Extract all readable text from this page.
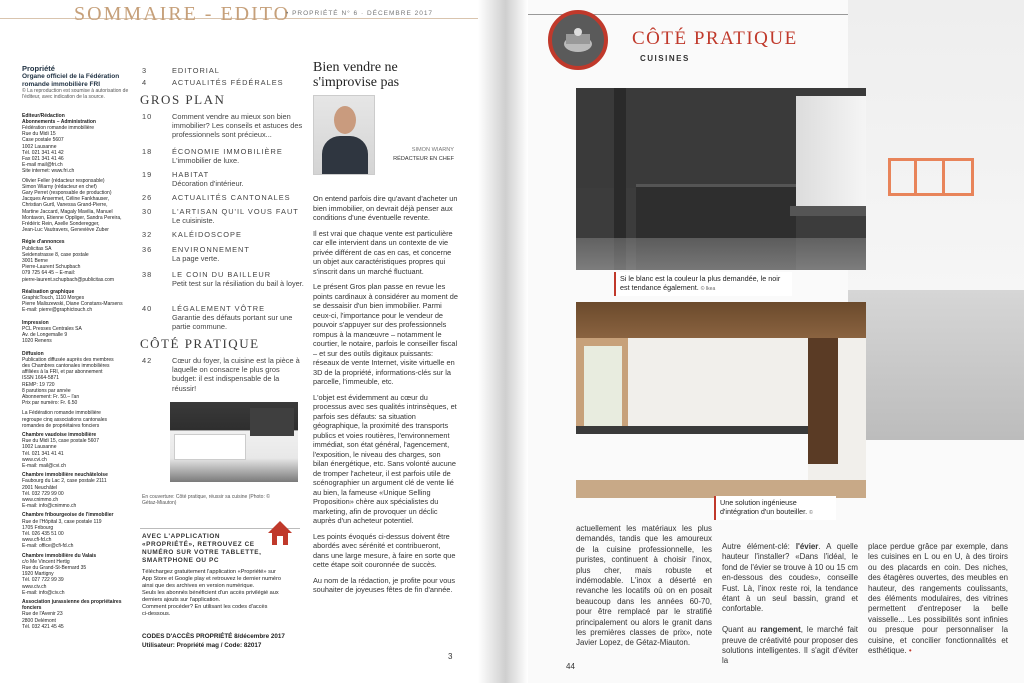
SOMMAIRE - EDITO
• PROPRIÉTÉ N° 6 · DÉCEMBRE 2017
Propriété
Organe officiel de la Fédération romande immobilière FRI
© La reproduction est soumise à autorisation de l'éditeur, avec indication de la source.
Editeur/Rédaction
Abonnements – Administration
Fédération romande immobilière
Rue du Midi 15
Case postale 5607
1002 Lausanne
Tél. 021 341 41 42
Fax 021 341 41 46
E-mail mail@fri.ch
Site internet: www.fri.ch
Olivier Feller (rédacteur responsable)
Simon Wiarny (rédacteur en chef)
Gary Perret (responsable de production)
Jacques Ansermet, Céline Fankhauser,
Christian Gurtl, Vanessa Grand-Pierre,
Martine Jaccard, Magaly Mavilia, Manuel
Montavon, Etienne Oppliger, Sandra Pereira,
Frédéric Rein, Axelle Sonderegger,
Jean-Luc Vautravers, Geneviève Zuber
Régie d'annonces
Publicitas SA
Seidenstrasse 8, case postale
3001 Berne
Pierre-Laurent Schupbach
079 725 64 45 – E-mail:
pierre-laurent.schupbach@publicitas.com
Réalisation graphique
GraphicTouch, 1110 Morges
Pierre Maliszewski, Diane Constans-Marsens
E-mail: pierre@graphictouch.ch
Impression
PCL Presses Centrales SA
Av. de Longemalle 9
1020 Renens
Diffusion
Publication diffusée auprès des membres
des Chambres cantonales immobilières
affiliées à la FRI, et par abonnement
ISSN 1664-5871
REMP: 19 720
8 parutions par année
Abonnement: Fr. 50.– l'an
Prix par numéro: Fr. 6.50
La Fédération romande immobilière
regroupe cinq associations cantonales
romandes de propriétaires fonciers
Chambre vaudoise immobilière
Rue du Midi 15, case postale 5607
1002 Lausanne
Tél. 021 341 41 41
www.cvi.ch
E-mail: mail@cvi.ch
Chambre immobilière neuchâteloise
Faubourg du Lac 2, case postale 2111
2001 Neuchâtel
Tél. 032 729 99 00
www.cnimmo.ch
E-mail: info@cnimmo.ch
Chambre fribourgeoise de l'immobilier
Rue de l'Hôpital 3, case postale 119
1705 Fribourg
Tél. 026 435 51 00
www.cfi-fd.ch
E-mail: office@cfi-fd.ch
Chambre immobilière du Valais
c/o Me Vincent Hertig
Rue du Grand-St-Bernard 35
1920 Martigny
Tél. 027 722 99 39
www.civ.ch
E-mail: info@civ.ch
Association jurassienne des propriétaires fonciers
Rue de l'Avenir 23
2800 Delémont
Tél. 032 421 45 45
3	EDITORIAL
4	ACTUALITÉS FÉDÉRALES
GROS PLAN
10	Comment vendre au mieux son bien immobilier? Les conseils et astuces des professionnels sont précieux...
18	ÉCONOMIE IMMOBILIÈRE
L'immobilier de luxe.
19	HABITAT
Décoration d'intérieur.
26	ACTUALITÉS CANTONALES
30	L'ARTISAN QU'IL VOUS FAUT
Le cuisiniste.
32	KALÉIDOSCOPE
36	ENVIRONNEMENT
La page verte.
38	LE COIN DU BAILLEUR
Petit test sur la résiliation du bail à loyer.
40	LÉGALEMENT VÔTRE
Garantie des défauts portant sur une partie commune.
CÔTÉ PRATIQUE
42	Cœur du foyer, la cuisine est la pièce à laquelle on consacre le plus gros budget: il est indispensable de la réussir!
En couverture: Côté pratique, réussir sa cuisine (Photo: © Gétaz-Miauton)
AVEC L'APPLICATION «PROPRIÉTÉ», RETROUVEZ CE NUMÉRO SUR VOTRE TABLETTE, SMARTPHONE OU PC
Téléchargez gratuitement l'application «Propriété» sur
App Store et Google play et retrouvez le dernier numéro
ainsi que des archives en version numérique.
Seuls les abonnés bénéficient d'un accès privilégié aux
derniers ajouts sur l'application.
Comment procéder? En utilisant les codes d'accès
ci-dessous.
CODES D'ACCÈS PROPRIÉTÉ 8/décembre 2017
Utilisateur: Propriété mag / Code: 82017
Bien vendre ne s'improvise pas
SIMON WIARNY
RÉDACTEUR EN CHEF

On entend parfois dire qu'avant d'acheter un bien immobilier, on devrait déjà penser aux conditions d'une éventuelle revente.

Il est vrai que chaque vente est particulière car elle intervient dans un contexte de vie privée différent de cas en cas, et concerne un objet aux caractéristiques propres qui s'inscrit dans un marché fluctuant.

Le présent Gros plan passe en revue les points cardinaux à considérer au moment de se dessaisir d'un bien immobilier. Parmi ceux-ci, l'importance pour le vendeur de pouvoir s'appuyer sur des professionnels rompus à la manœuvre – notamment le courtier, le notaire, parfois le conseiller fiscal – et sur des outils digitaux puissants: réseaux de vente Internet, visite virtuelle en 3D de la propriété, informations-clés sur la parcelle, l'immeuble, etc.

L'objet est évidemment au cœur du processus avec ses qualités intrinsèques, et parfois ses défauts: sa situation géographique, la proximité des transports publics et voies routières, l'environnement immédiat, son état général, l'agencement, l'exposition, le niveau des charges, son bilan énergétique, etc. Sans volonté aucune de tromper l'acheteur, il est parfois utile de scénographier un argument clé de vente lié au bien, la fameuse «Unique Selling Proposition» chère aux spécialistes du marketing, afin de provoquer un déclic auprès d'un acheteur potentiel.

Les points évoqués ci-dessus doivent être abordés avec sérénité et contribueront, dans une large mesure, à faire en sorte que cette étape soit couronnée de succès.

Au nom de la rédaction, je profite pour vous souhaiter de joyeuses fêtes de fin d'année.

3
CÔTÉ PRATIQUE
CUISINES
Si le blanc est la couleur la plus demandée, le noir est tendance également. © Ikea
Une solution ingénieuse d'intégration d'un bouteiller. ©
actuellement les matériaux les plus demandés, tandis que les amoureux de la cuisine professionnelle, les puristes, continuent à choisir l'inox, plus cher, mais robuste et indémodable. L'inox a déserté en revanche les locatifs où on en posait beaucoup dans les années 60-70, pour être remplacé par le stratifié principalement ou alors le granit dans les premières classes de prix», note Javier Lopez, de Gétaz-Miauton.
Autre élément-clé: l'évier. A quelle hauteur l'installer? «Dans l'idéal, le fond de l'évier se trouve à 10 ou 15 cm en-dessous des coudes», conseille Fust. Là, l'inox reste roi, la tendance étant à un seul bassin, grand et confortable.

Quant au rangement, le marché fait preuve de créativité pour proposer des solutions intelligentes. Il s'agit d'éviter la
place perdue grâce par exemple, dans les cuisines en L ou en U, à des tiroirs ou des placards en coin. Des niches, des étagères ouvertes, des meubles en hauteur, des rangements coulissants, des éléments modulaires, des vitrines permettent d'entreposer la belle vaisselle... Les possibilités sont infinies ou presque pour personnaliser la cuisine, et concilier fonctionnalités et esthétique. •
44
